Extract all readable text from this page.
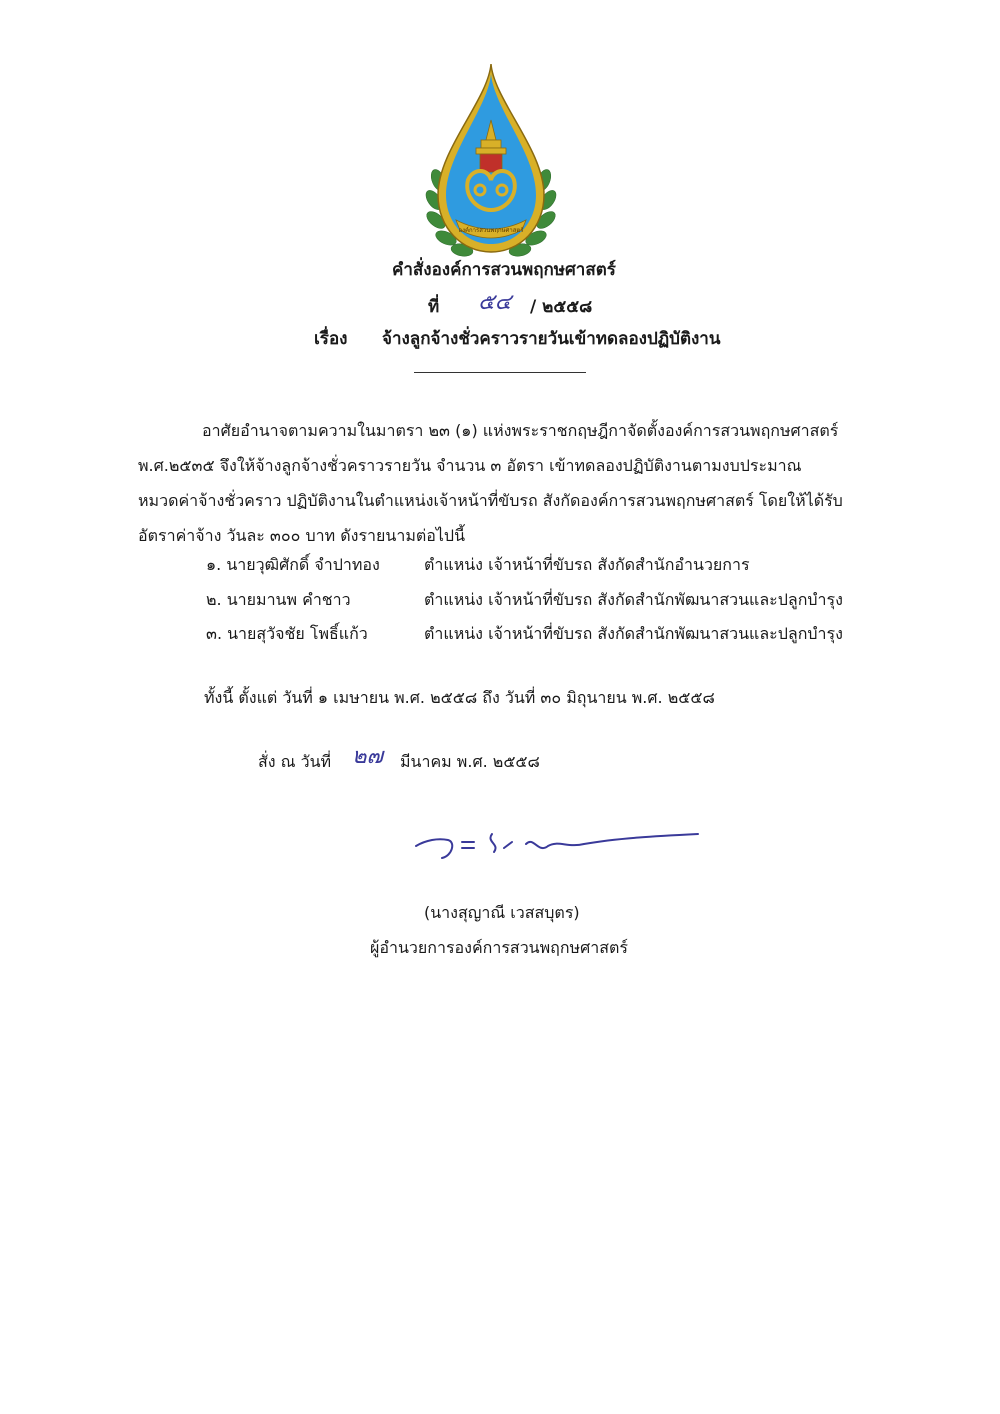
องค์การสวนพฤกษศาสตร์
คำสั่งองค์การสวนพฤกษศาสตร์
ที่ ๕๔ / ๒๕๕๘
เรื่อง จ้างลูกจ้างชั่วคราวรายวันเข้าทดลองปฏิบัติงาน
อาศัยอำนาจตามความในมาตรา ๒๓ (๑) แห่งพระราชกฤษฎีกาจัดตั้งองค์การสวนพฤกษศาสตร์
พ.ศ.๒๕๓๕ จึงให้จ้างลูกจ้างชั่วคราวรายวัน จำนวน ๓ อัตรา เข้าทดลองปฏิบัติงานตามงบประมาณ
หมวดค่าจ้างชั่วคราว ปฏิบัติงานในตำแหน่งเจ้าหน้าที่ขับรถ สังกัดองค์การสวนพฤกษศาสตร์ โดยให้ได้รับ
อัตราค่าจ้าง วันละ ๓๐๐ บาท ดังรายนามต่อไปนี้
๑. นายวุฒิศักดิ์ จำปาทอง	ตำแหน่ง เจ้าหน้าที่ขับรถ สังกัดสำนักอำนวยการ
๒. นายมานพ คำชาว	ตำแหน่ง เจ้าหน้าที่ขับรถ สังกัดสำนักพัฒนาสวนและปลูกบำรุง
๓. นายสุวัจชัย โพธิ์แก้ว	ตำแหน่ง เจ้าหน้าที่ขับรถ สังกัดสำนักพัฒนาสวนและปลูกบำรุง
ทั้งนี้ ตั้งแต่ วันที่ ๑ เมษายน พ.ศ. ๒๕๕๘ ถึง วันที่ ๓๐ มิถุนายน พ.ศ. ๒๕๕๘
สั่ง ณ วันที่ ๒๗ มีนาคม พ.ศ. ๒๕๕๘
(นางสุญาณี เวสสบุตร)
ผู้อำนวยการองค์การสวนพฤกษศาสตร์
